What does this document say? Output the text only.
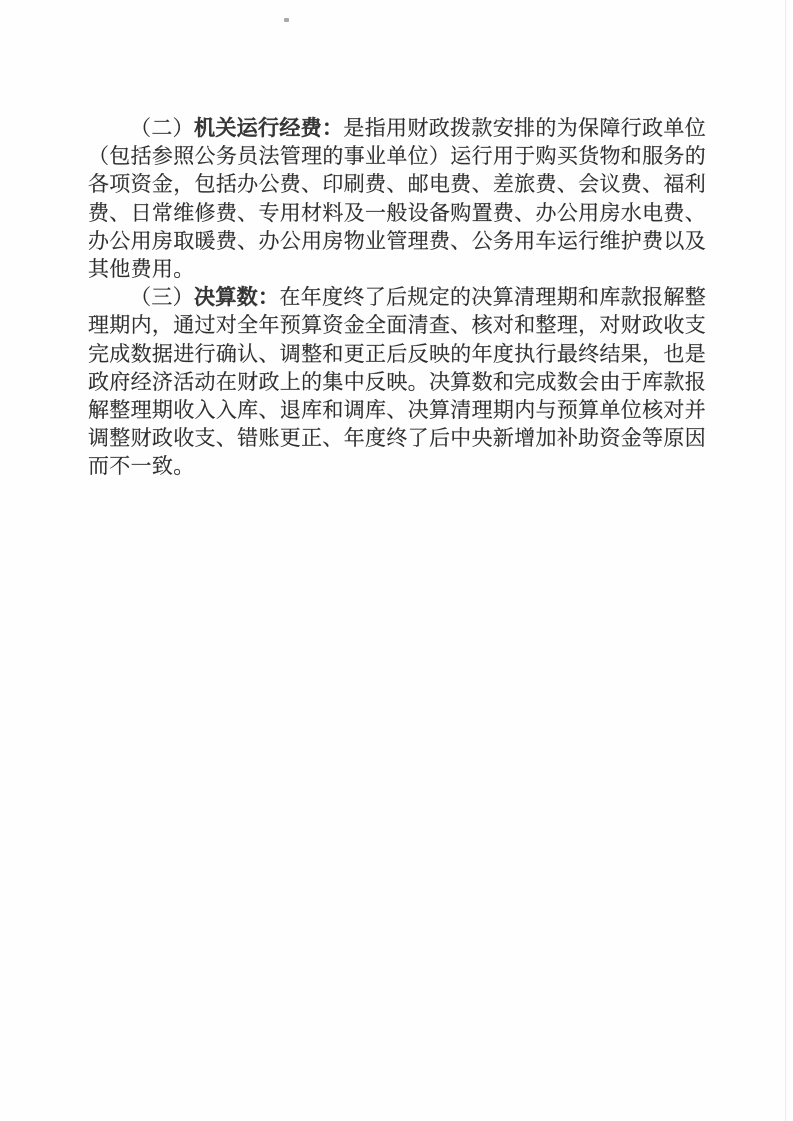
（二）机关运行经费：是指用财政拨款安排的为保障行政单位（包括参照公务员法管理的事业单位）运行用于购买货物和服务的各项资金，包括办公费、印刷费、邮电费、差旅费、会议费、福利费、日常维修费、专用材料及一般设备购置费、办公用房水电费、办公用房取暖费、办公用房物业管理费、公务用车运行维护费以及其他费用。

（三）决算数：在年度终了后规定的决算清理期和库款报解整理期内，通过对全年预算资金全面清查、核对和整理，对财政收支完成数据进行确认、调整和更正后反映的年度执行最终结果，也是政府经济活动在财政上的集中反映。决算数和完成数会由于库款报解整理期收入入库、退库和调库、决算清理期内与预算单位核对并调整财政收支、错账更正、年度终了后中央新增加补助资金等原因而不一致。
